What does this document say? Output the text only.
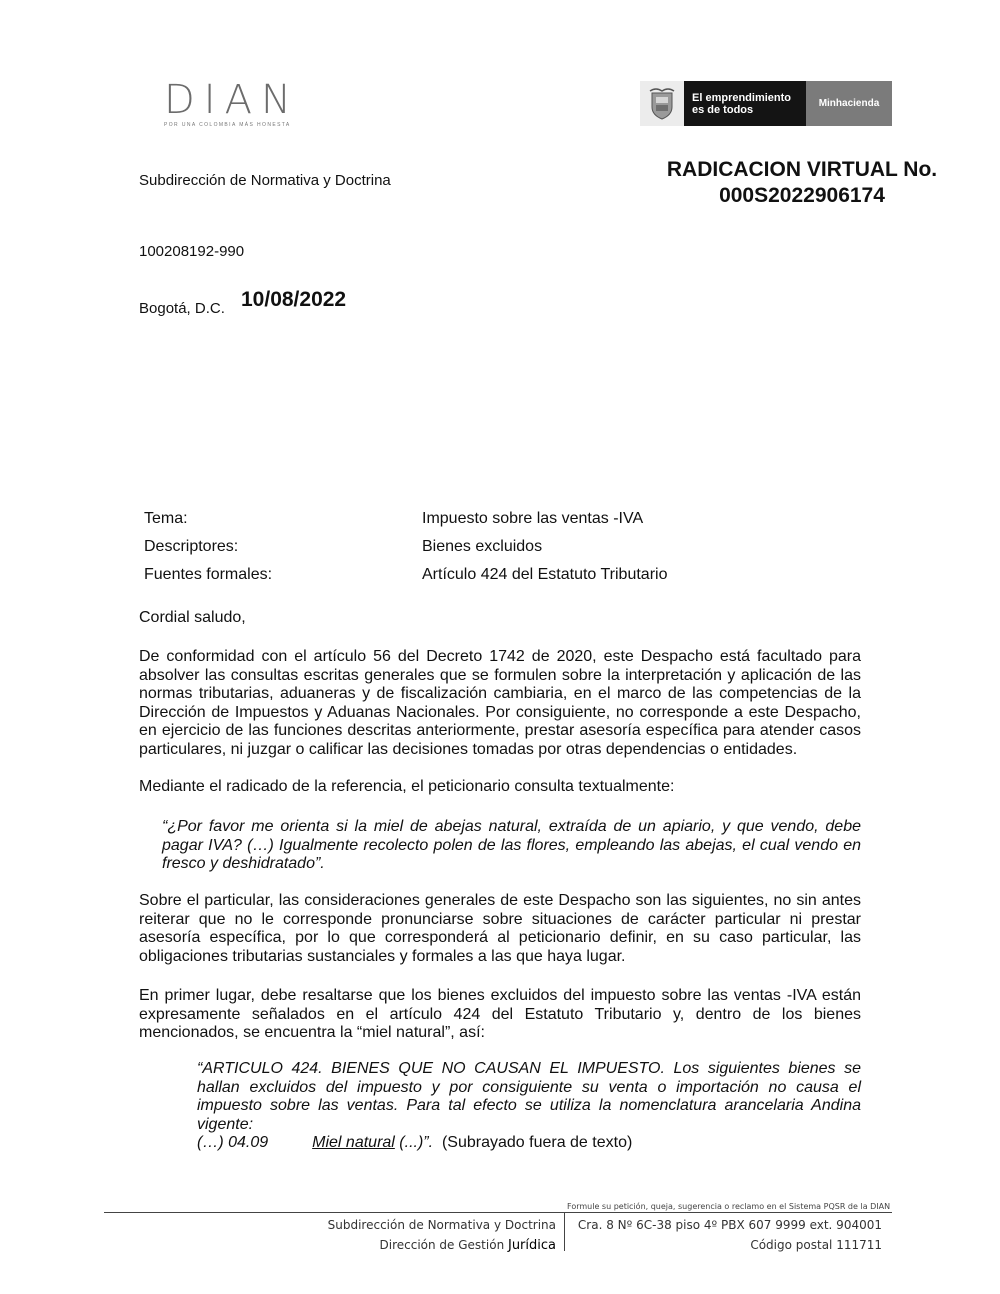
DIAN
POR UNA COLOMBIA MÁS HONESTA
El emprendimiento
es de todos	Minhacienda
Subdirección de Normativa y Doctrina	RADICACION VIRTUAL No.
000S2022906174
100208192-990
Bogotá, D.C. 10/08/2022
Tema:	Impuesto sobre las ventas -IVA
Descriptores:	Bienes excluidos
Fuentes formales:	Artículo 424 del Estatuto Tributario
Cordial saludo,
De conformidad con el artículo 56 del Decreto 1742 de 2020, este Despacho está facultado para absolver las consultas escritas generales que se formulen sobre la interpretación y aplicación de las normas tributarias, aduaneras y de fiscalización cambiaria, en el marco de las competencias de la Dirección de Impuestos y Aduanas Nacionales. Por consiguiente, no corresponde a este Despacho, en ejercicio de las funciones descritas anteriormente, prestar asesoría específica para atender casos particulares, ni juzgar o calificar las decisiones tomadas por otras dependencias o entidades.
Mediante el radicado de la referencia, el peticionario consulta textualmente:
“¿Por favor me orienta si la miel de abejas natural, extraída de un apiario, y que vendo, debe pagar IVA? (…) Igualmente recolecto polen de las flores, empleando las abejas, el cual vendo en fresco y deshidratado”.
Sobre el particular, las consideraciones generales de este Despacho son las siguientes, no sin antes reiterar que no le corresponde pronunciarse sobre situaciones de carácter particular ni prestar asesoría específica, por lo que corresponderá al peticionario definir, en su caso particular, las obligaciones tributarias sustanciales y formales a las que haya lugar.
En primer lugar, debe resaltarse que los bienes excluidos del impuesto sobre las ventas -IVA están expresamente señalados en el artículo 424 del Estatuto Tributario y, dentro de los bienes mencionados, se encuentra la “miel natural”, así:
“ARTICULO 424. BIENES QUE NO CAUSAN EL IMPUESTO. Los siguientes bienes se hallan excluidos del impuesto y por consiguiente su venta o importación no causa el impuesto sobre las ventas. Para tal efecto se utiliza la nomenclatura arancelaria Andina vigente:
(…) 04.09	Miel natural (...)”. (Subrayado fuera de texto)
Formule su petición, queja, sugerencia o reclamo en el Sistema PQSR de la DIAN
Subdirección de Normativa y Doctrina
Dirección de Gestión Jurídica
Cra. 8 Nº 6C-38 piso 4º PBX 607 9999 ext. 904001
Código postal 111711
